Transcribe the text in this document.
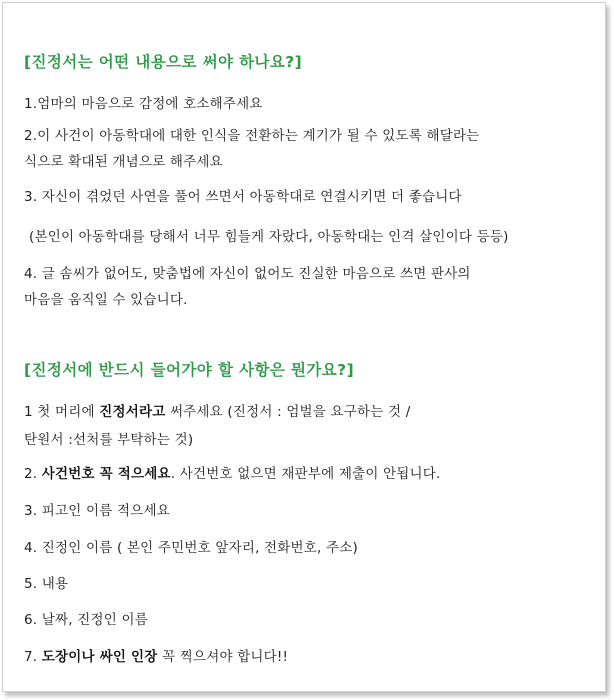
[진정서는 어떤 내용으로 써야 하나요?]
1.엄마의 마음으로 감정에 호소해주세요
2.이 사건이 아동학대에 대한 인식을 전환하는 계기가 될 수 있도록 해달라는
식으로 확대된 개념으로 해주세요
3. 자신이 겪었던 사연을 풀어 쓰면서 아동학대로 연결시키면 더 좋습니다
(본인이 아동학대를 당해서 너무 힘들게 자랐다, 아동학대는 인격 살인이다 등등)
4. 글 솜씨가 없어도, 맞춤법에 자신이 없어도 진실한 마음으로 쓰면 판사의
마음을 움직일 수 있습니다.
[진정서에 반드시 들어가야 할 사항은 뭔가요?]
1 첫 머리에 진정서라고 써주세요 (진정서 : 엄벌을 요구하는 것 /
탄원서 :선처를 부탁하는 것)
2. 사건번호 꼭 적으세요. 사건번호 없으면 재판부에 제출이 안됩니다.
3. 피고인 이름 적으세요
4. 진정인 이름 ( 본인 주민번호 앞자리, 전화번호, 주소)
5. 내용
6. 날짜, 진정인 이름
7. 도장이나 싸인 인장 꼭 찍으셔야 합니다!!
